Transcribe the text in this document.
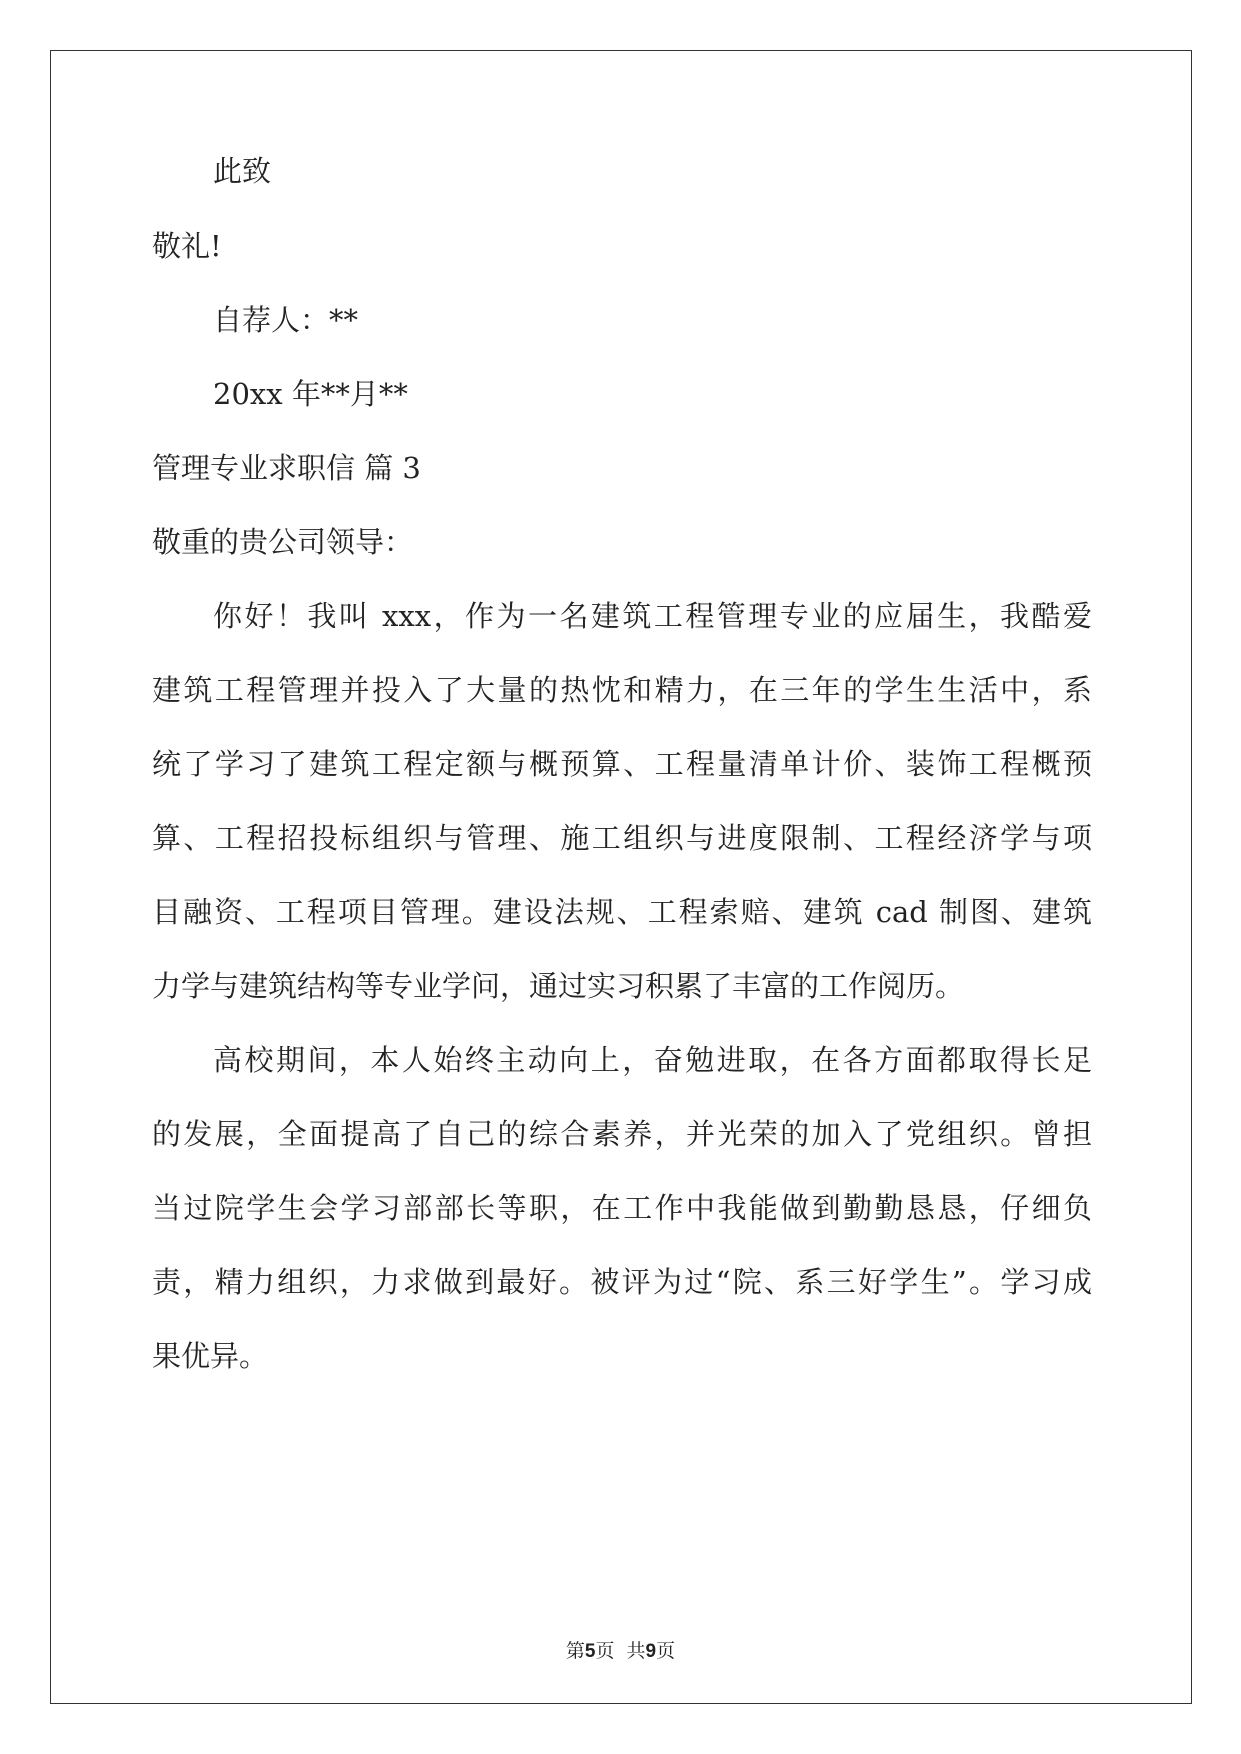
此致
敬礼!
自荐人：**
20xx 年**月**
管理专业求职信 篇 3
敬重的贵公司领导：
你好！我叫 xxx，作为一名建筑工程管理专业的应届生，我酷爱
建筑工程管理并投入了大量的热忱和精力，在三年的学生生活中，系
统了学习了建筑工程定额与概预算、工程量清单计价、装饰工程概预
算、工程招投标组织与管理、施工组织与进度限制、工程经济学与项
目融资、工程项目管理。建设法规、工程索赔、建筑 cad 制图、建筑
力学与建筑结构等专业学问，通过实习积累了丰富的工作阅历。
高校期间，本人始终主动向上，奋勉进取，在各方面都取得长足
的发展，全面提高了自己的综合素养，并光荣的加入了党组织。曾担
当过院学生会学习部部长等职，在工作中我能做到勤勤恳恳，仔细负
责，精力组织，力求做到最好。被评为过“院、系三好学生”。学习成
果优异。
第5页  共9页
